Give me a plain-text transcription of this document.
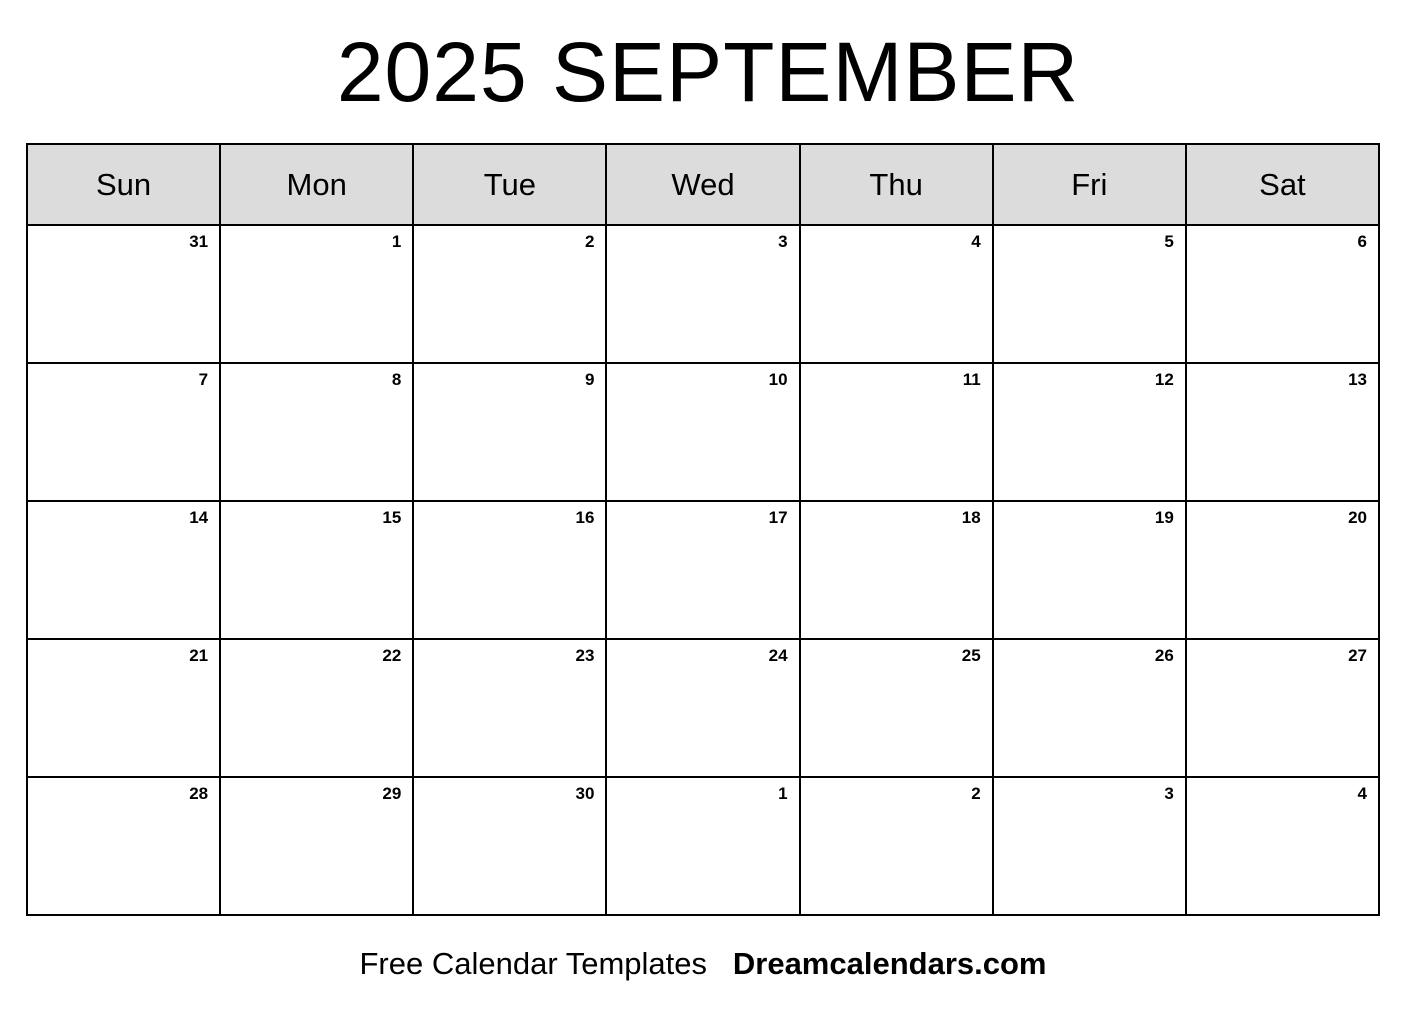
2025 SEPTEMBER
Sun	Mon	Tue	Wed	Thu	Fri	Sat
31	1	2	3	4	5	6
7	8	9	10	11	12	13
14	15	16	17	18	19	20
21	22	23	24	25	26	27
28	29	30	1	2	3	4
Free Calendar Templates Dreamcalendars.com
